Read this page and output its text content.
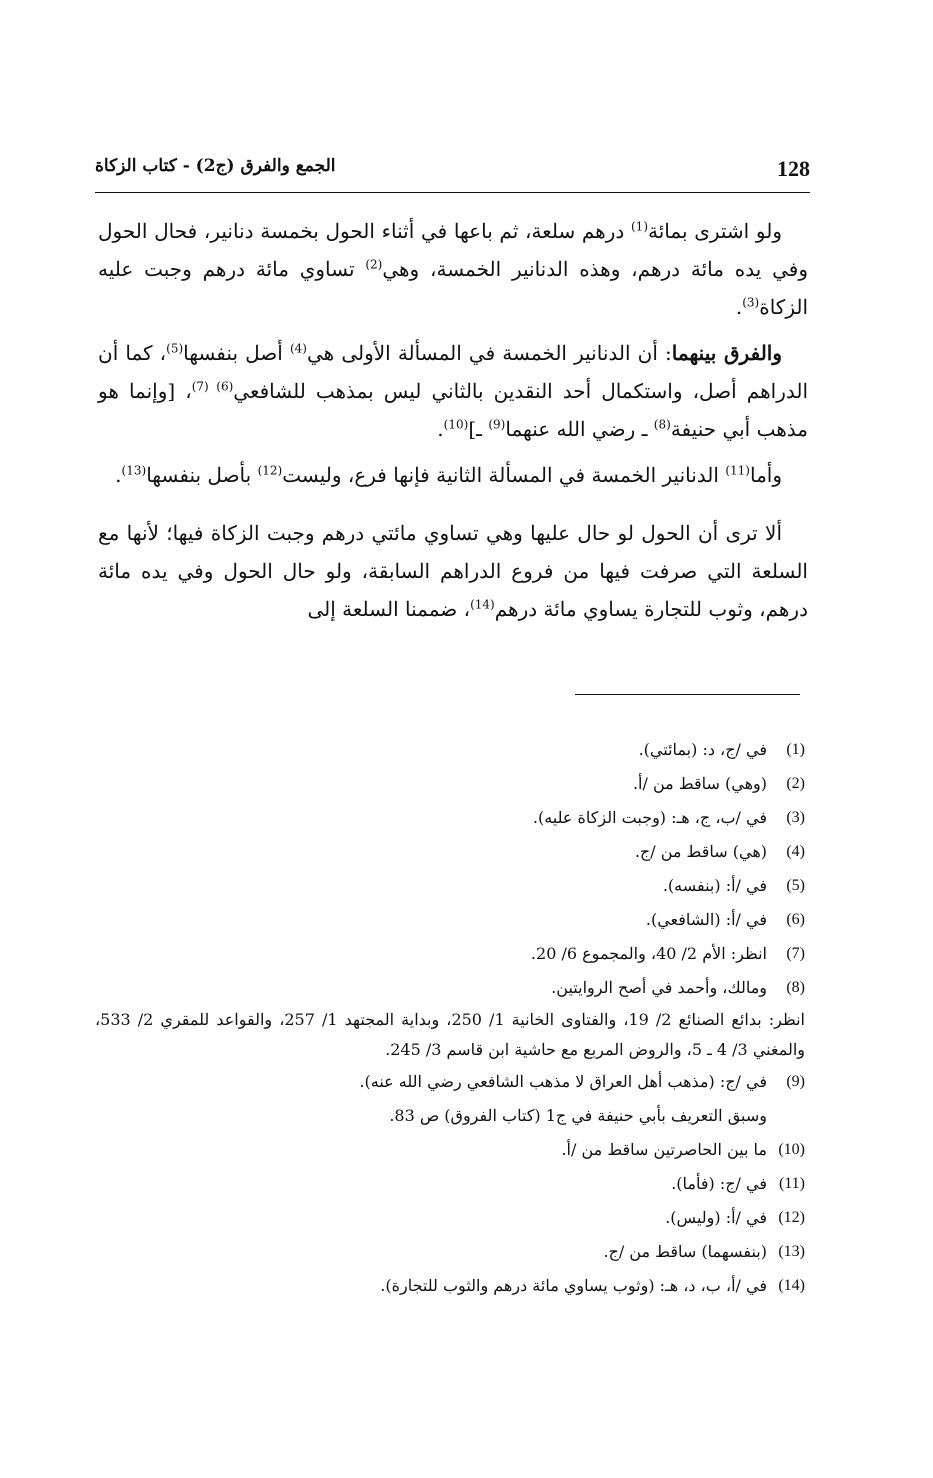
128
الجمع والفرق (ج2) - كتاب الزكاة

ولو اشترى بمائة$^{(1)}$ درهم سلعة، ثم باعها في أثناء الحول بخمسة دنانير، فحال الحول وفي يده مائة درهم، وهذه الدنانير الخمسة، وهي$^{(2)}$ تساوي مائة درهم وجبت عليه الزكاة$^{(3)}$.

والفرق بينهما: أن الدنانير الخمسة في المسألة الأولى هي$^{(4)}$ أصل بنفسها$^{(5)}$، كما أن الدراهم أصل، واستكمال أحد النقدين بالثاني ليس بمذهب للشافعي$^{(6)}$ $^{(7)}$، [وإنما هو مذهب أبي حنيفة$^{(8)}$ ـ رضي الله عنهما$^{(9)}$ ـ]$^{(10)}$.

وأما$^{(11)}$ الدنانير الخمسة في المسألة الثانية فإنها فرع، وليست$^{(12)}$ بأصل بنفسها$^{(13)}$.

ألا ترى أن الحول لو حال عليها وهي تساوي مائتي درهم وجبت الزكاة فيها؛ لأنها مع السلعة التي صرفت فيها من فروع الدراهم السابقة، ولو حال الحول وفي يده مائة درهم، وثوب للتجارة يساوي مائة درهم$^{(14)}$، ضممنا السلعة إلى

(1)
في /ج، د: (بمائتي).
(2)
(وهي) ساقط من /أ.
(3)
في /ب، ج، هـ: (وجبت الزكاة عليه).
(4)
(هي) ساقط من /ج.
(5)
في /أ: (بنفسه).
(6)
في /أ: (الشافعي).
(7)
انظر: الأم 2/ 40، والمجموع 6/ 20.
(8)
ومالك، وأحمد في أصح الروايتين.
انظر: بدائع الصنائع 2/ 19، والفتاوى الخانية 1/ 250، وبداية المجتهد 1/ 257، والقواعد للمقري 2/ 533، والمغني 3/ 4 ـ 5، والروض المربع مع حاشية ابن قاسم 3/ 245.
(9)
في /ج: (مذهب أهل العراق لا مذهب الشافعي رضي الله عنه).
وسبق التعريف بأبي حنيفة في ج1 (كتاب الفروق) ص 83.
(10)
ما بين الحاصرتين ساقط من /أ.
(11)
في /ج: (فأما).
(12)
في /أ: (وليس).
(13)
(بنفسهما) ساقط من /ج.
(14)
في /أ، ب، د، هـ: (وثوب يساوي مائة درهم والثوب للتجارة).
